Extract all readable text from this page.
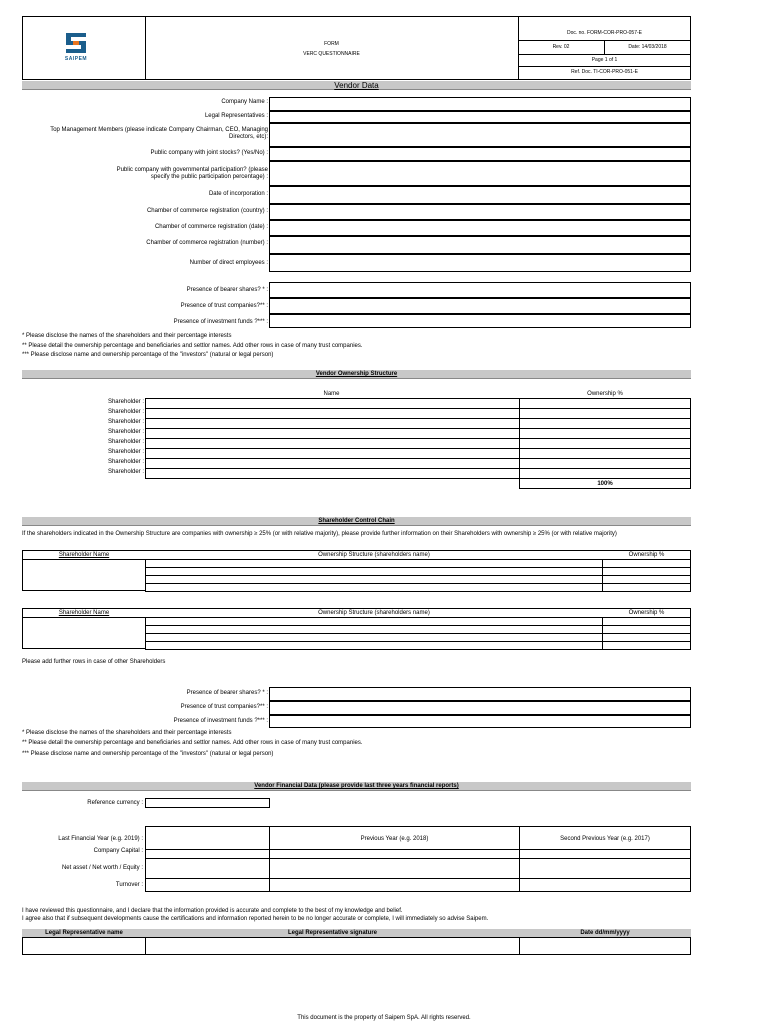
SAIPEM
FORM
VERC QUESTIONNAIRE
Doc. no. FORM-COR-PRO-057-E
Rev. 02	Date: 14/03/2018
Page 1 of 1
Ref. Doc. TI-COR-PRO-051-E
Vendor Data
Company Name :
Legal Representatives :
Top Management Members (please indicate Company Chairman, CEO, Managing Directors, etc):
Public company with joint stocks? (Yes/No) :
Public company with governmental participation? (please specify the public participation percentage) :
Date of incorporation :
Chamber of commerce registration (country) :
Chamber of commerce registration (date) :
Chamber of commerce registration (number) :
Number of direct employees :
Presence of bearer shares? * :
Presence of trust companies?** :
Presence of investment funds ?*** :
* Please disclose the names of the shareholders and their percentage interests
** Please detail the ownership percentage and beneficiaries and settlor names. Add other rows in case of many trust companies.
*** Please disclose name and ownership percentage of the "investors" (natural or legal person)
Vendor Ownership Structure
Name	Ownership %
Shareholder :
Shareholder :
Shareholder :
Shareholder :
Shareholder :
Shareholder :
Shareholder :
Shareholder :
100%
Shareholder Control Chain
If the shareholders indicated in the Ownership Structure are companies with ownership ≥ 25% (or with relative majority), please provide further information on their Shareholders with ownership ≥ 25% (or with relative majority)
Shareholder Name	Ownership Structure (shareholders name)	Ownership %
Shareholder Name	Ownership Structure (shareholders name)	Ownership %
Please add further rows in case of other Shareholders
Presence of bearer shares? * :
Presence of trust companies?** :
Presence of investment funds ?*** :
* Please disclose the names of the shareholders and their percentage interests
** Please detail the ownership percentage and beneficiaries and settlor names. Add other rows in case of many trust companies.
*** Please disclose name and ownership percentage of the "investors" (natural or legal person)
Vendor Financial Data (please provide last three years financial reports)
Reference currency :
Last Financial Year (e.g. 2019) :	Previous Year (e.g. 2018)	Second Previous Year (e.g. 2017)
Company Capital :
Net asset / Net worth / Equity :
Turnover :
I have reviewed this questionnaire, and I declare that the information provided is accurate and complete to the best of my knowledge and belief.
I agree also that if subsequent developments cause the certifications and information reported herein to be no longer accurate or complete, I will immediately so advise Saipem.
Legal Representative name	Legal Representative signature	Date dd/mm/yyyy
This document is the property of Saipem SpA. All rights reserved.
